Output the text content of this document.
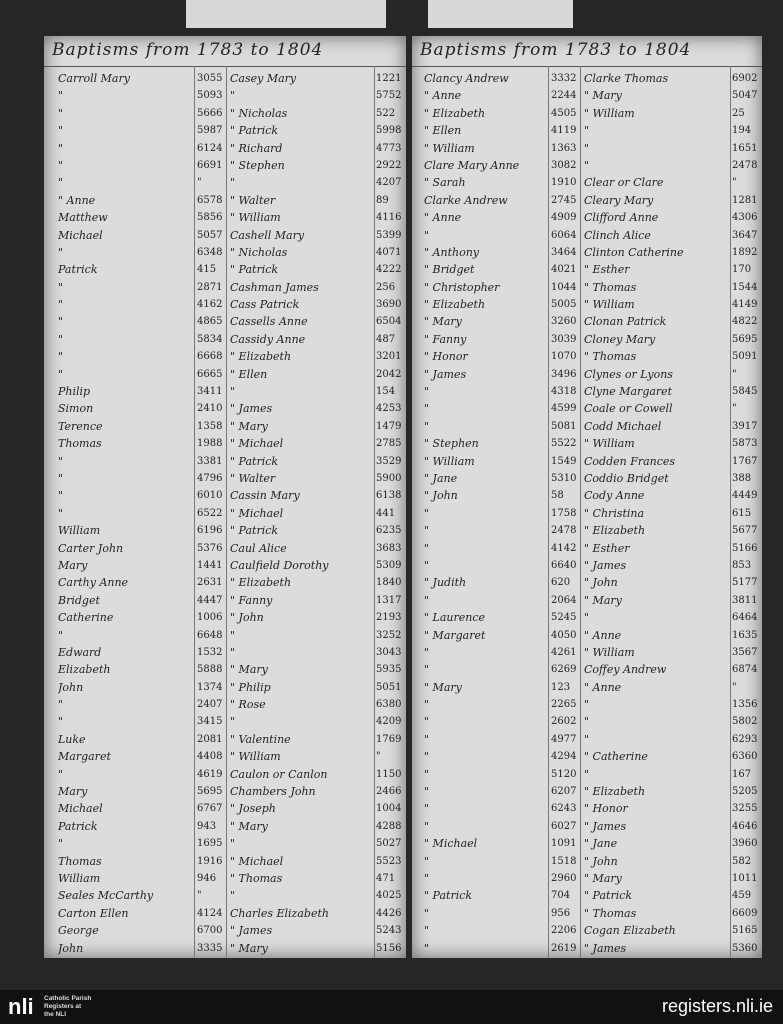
Baptisms from 1783 to 1804
Carroll Mary
"
"
"
"
"
"
" Anne
Matthew
Michael
"
Patrick
"
"
"
"
"
"
Philip
Simon
Terence
Thomas
"
"
"
"
William
Carter John
Mary
Carthy Anne
Bridget
Catherine
"
Edward
Elizabeth
John
"
"
Luke
Margaret
"
Mary
Michael
Patrick
"
Thomas
William
Seales McCarthy
Carton Ellen
George
John
3055
5093
5666
5987
6124
6691
"
6578
5856
5057
6348
415
2871
4162
4865
5834
6668
6665
3411
2410
1358
1988
3381
4796
6010
6522
6196
5376
1441
2631
4447
1006
6648
1532
5888
1374
2407
3415
2081
4408
4619
5695
6767
943
1695
1916
946
"
4124
6700
3335
Casey Mary
"
" Nicholas
" Patrick
" Richard
" Stephen
"
" Walter
" William
Cashell Mary
" Nicholas
" Patrick
Cashman James
Cass Patrick
Cassells Anne
Cassidy Anne
" Elizabeth
" Ellen
"
" James
" Mary
" Michael
" Patrick
" Walter
Cassin Mary
" Michael
" Patrick
Caul Alice
Caulfield Dorothy
" Elizabeth
" Fanny
" John
"
"
" Mary
" Philip
" Rose
"
" Valentine
" William
Caulon or Canlon
Chambers John
" Joseph
" Mary
"
" Michael
" Thomas
"
Charles Elizabeth
" James
" Mary
1221
5752
522
5998
4773
2922
4207
89
4116
5399
4071
4222
256
3690
6504
487
3201
2042
154
4253
1479
2785
3529
5900
6138
441
6235
3683
5309
1840
1317
2193
3252
3043
5935
5051
6380
4209
1769
"
1150
2466
1004
4288
5027
5523
471
4025
4426
5243
5156
Baptisms from 1783 to 1804
Clancy Andrew
" Anne
" Elizabeth
" Ellen
" William
Clare Mary Anne
" Sarah
Clarke Andrew
" Anne
"
" Anthony
" Bridget
" Christopher
" Elizabeth
" Mary
" Fanny
" Honor
" James
"
"
"
" Stephen
" William
" Jane
" John
"
"
"
"
" Judith
"
" Laurence
" Margaret
"
"
" Mary
"
"
"
"
"
"
"
"
" Michael
"
"
" Patrick
"
"
"
3332
2244
4505
4119
1363
3082
1910
2745
4909
6064
3464
4021
1044
5005
3260
3039
1070
3496
4318
4599
5081
5522
1549
5310
58
1758
2478
4142
6640
620
2064
5245
4050
4261
6269
123
2265
2602
4977
4294
5120
6207
6243
6027
1091
1518
2960
704
956
2206
2619
Clarke Thomas
" Mary
" William
"
"
"
Clear or Clare
Cleary Mary
Clifford Anne
Clinch Alice
Clinton Catherine
" Esther
" Thomas
" William
Clonan Patrick
Cloney Mary
" Thomas
Clynes or Lyons
Clyne Margaret
Coale or Cowell
Codd Michael
" William
Codden Frances
Coddio Bridget
Cody Anne
" Christina
" Elizabeth
" Esther
" James
" John
" Mary
"
" Anne
" William
Coffey Andrew
" Anne
"
"
"
" Catherine
"
" Elizabeth
" Honor
" James
" Jane
" John
" Mary
" Patrick
" Thomas
Cogan Elizabeth
" James
6902
5047
25
194
1651
2478
"
1281
4306
3647
1892
170
1544
4149
4822
5695
5091
"
5845
"
3917
5873
1767
388
4449
615
5677
5166
853
5177
3811
6464
1635
3567
6874
"
1356
5802
6293
6360
167
5205
3255
4646
3960
582
1011
459
6609
5165
5360
nli	Catholic Parish
Registers at
the NLI	registers.nli.ie
